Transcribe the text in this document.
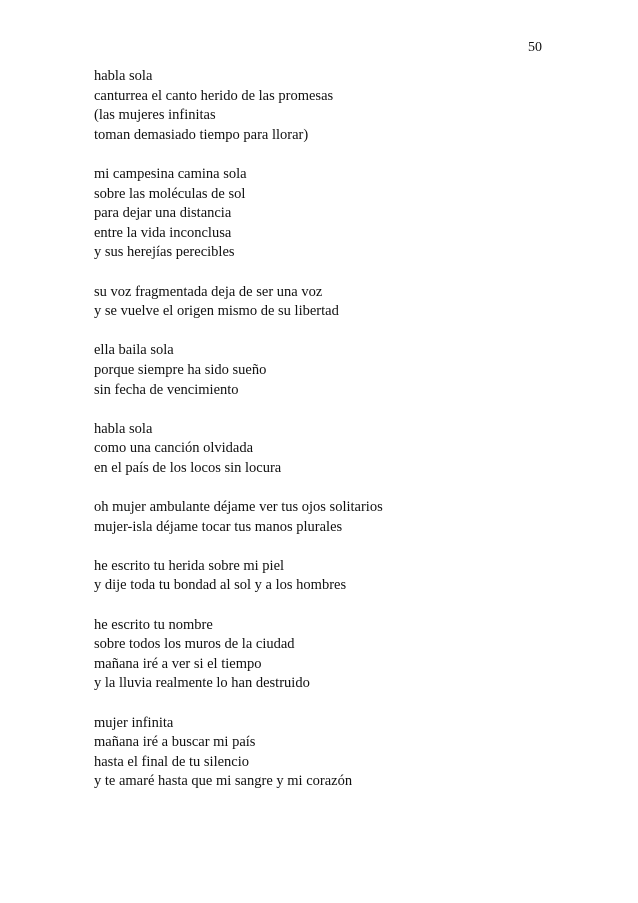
50
habla sola
canturrea el canto herido de las promesas
(las mujeres infinitas
toman demasiado tiempo para llorar)
mi campesina camina sola
sobre las moléculas de sol
para dejar una distancia
entre la vida inconclusa
y sus herejías perecibles
su voz fragmentada deja de ser una voz
y se vuelve el origen mismo de su libertad
ella baila sola
porque siempre ha sido sueño
sin fecha de vencimiento
habla sola
como una canción olvidada
en el país de los locos sin locura
oh mujer ambulante déjame ver tus ojos solitarios
mujer-isla déjame tocar tus manos plurales
he escrito tu herida sobre mi piel
y dije toda tu bondad al sol y a los hombres
he escrito tu nombre
sobre todos los muros de la ciudad
mañana iré a ver si el tiempo
y la lluvia realmente lo han destruido
mujer infinita
mañana iré a buscar mi país
hasta el final de tu silencio
y te amaré hasta que mi sangre y mi corazón
